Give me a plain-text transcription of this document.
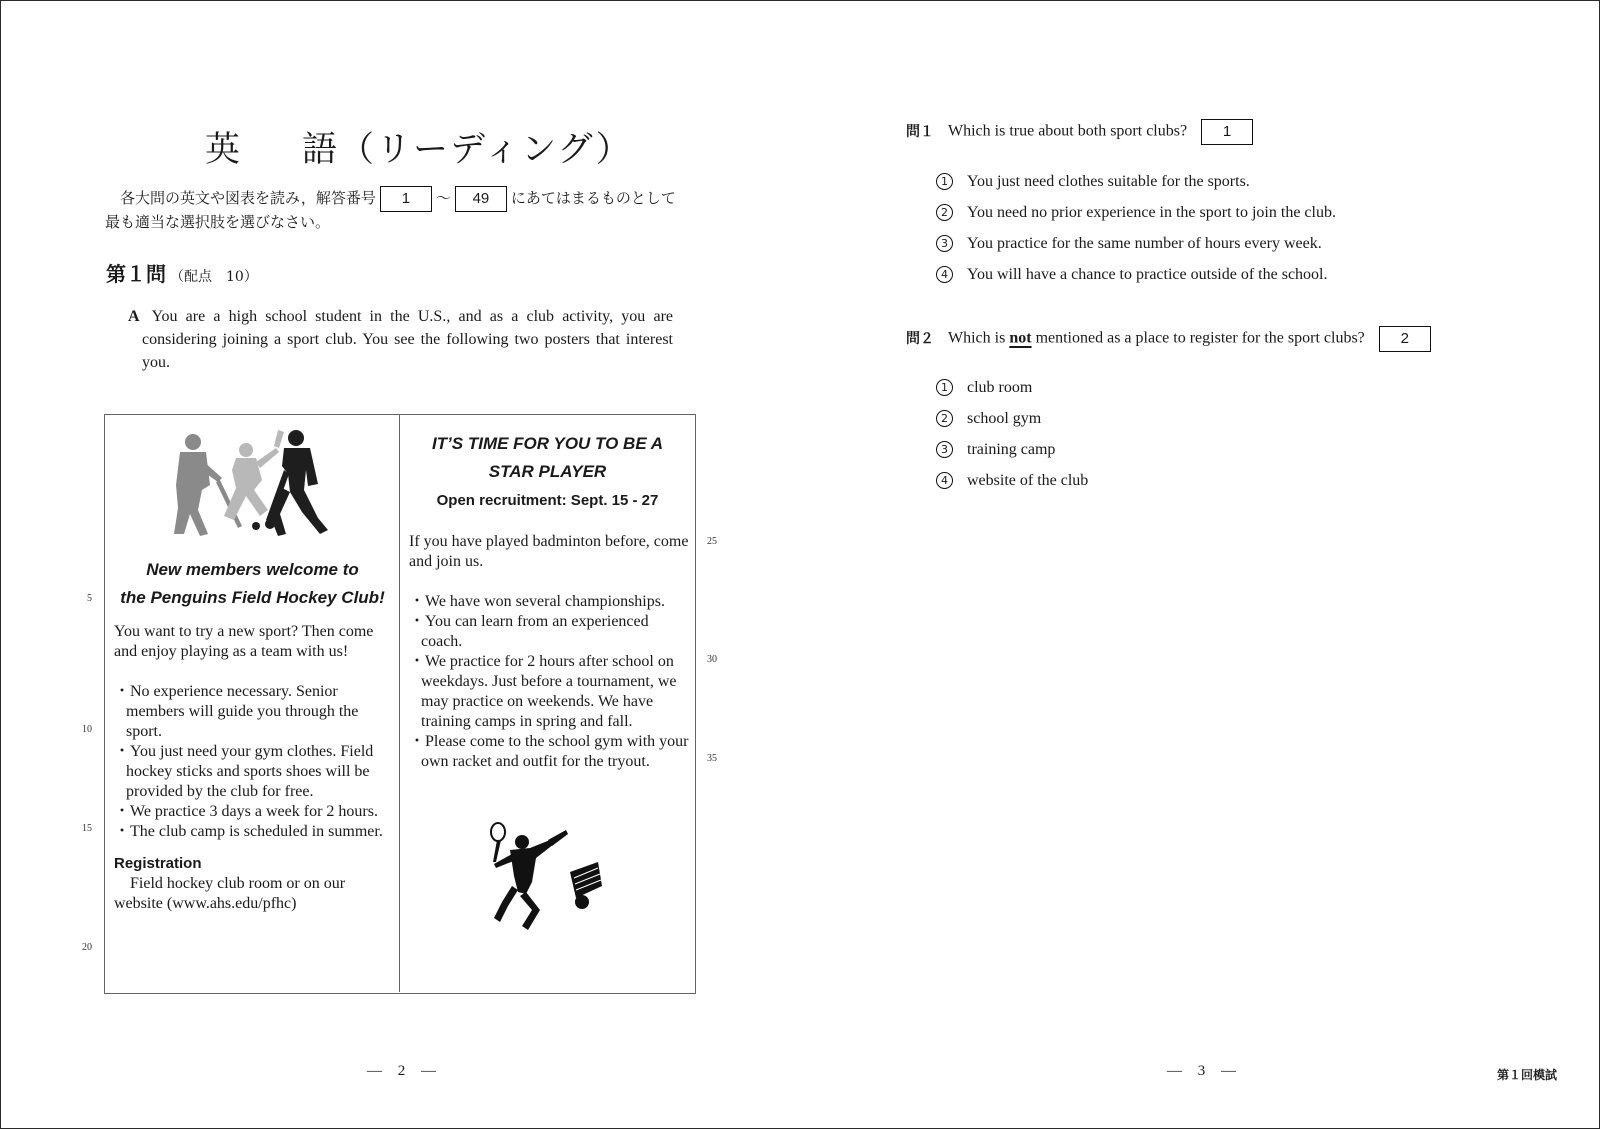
英 語（リーディング）
各大問の英文や図表を読み，解答番号 1 〜 49 にあてはまるものとして
最も適当な選択肢を選びなさい。
第１問 （配点　10）

A You are a high school student in the U.S., and as a club activity, you are considering joining a sport club. You see the following two posters that interest you.

New members welcome to
the Penguins Field Hockey Club!
You want to try a new sport? Then come and enjoy playing as a team with us!
・No experience necessary. Senior members will guide you through the sport.
・You just need your gym clothes. Field hockey sticks and sports shoes will be provided by the club for free.
・We practice 3 days a week for 2 hours.
・The club camp is scheduled in summer.
Registration
Field hockey club room or on our website (www.ahs.edu/pfhc)
IT’S TIME FOR YOU TO BE A
STAR PLAYER
Open recruitment: Sept. 15 - 27
If you have played badminton before, come and join us.
・We have won several championships.
・You can learn from an experienced coach.
・We practice for 2 hours after school on weekdays. Just before a tournament, we may practice on weekends. We have training camps in spring and fall.
・Please come to the school gym with your own racket and outfit for the tryout.
5
10
15
20
25
30
35
— 2 —
問１ Which is true about both sport clubs? 1
1 You just need clothes suitable for the sports.
2 You need no prior experience in the sport to join the club.
3 You practice for the same number of hours every week.
4 You will have a chance to practice outside of the school.
問２ Which is not mentioned as a place to register for the sport clubs? 2
1 club room
2 school gym
3 training camp
4 website of the club
— 3 —	第１回模試
